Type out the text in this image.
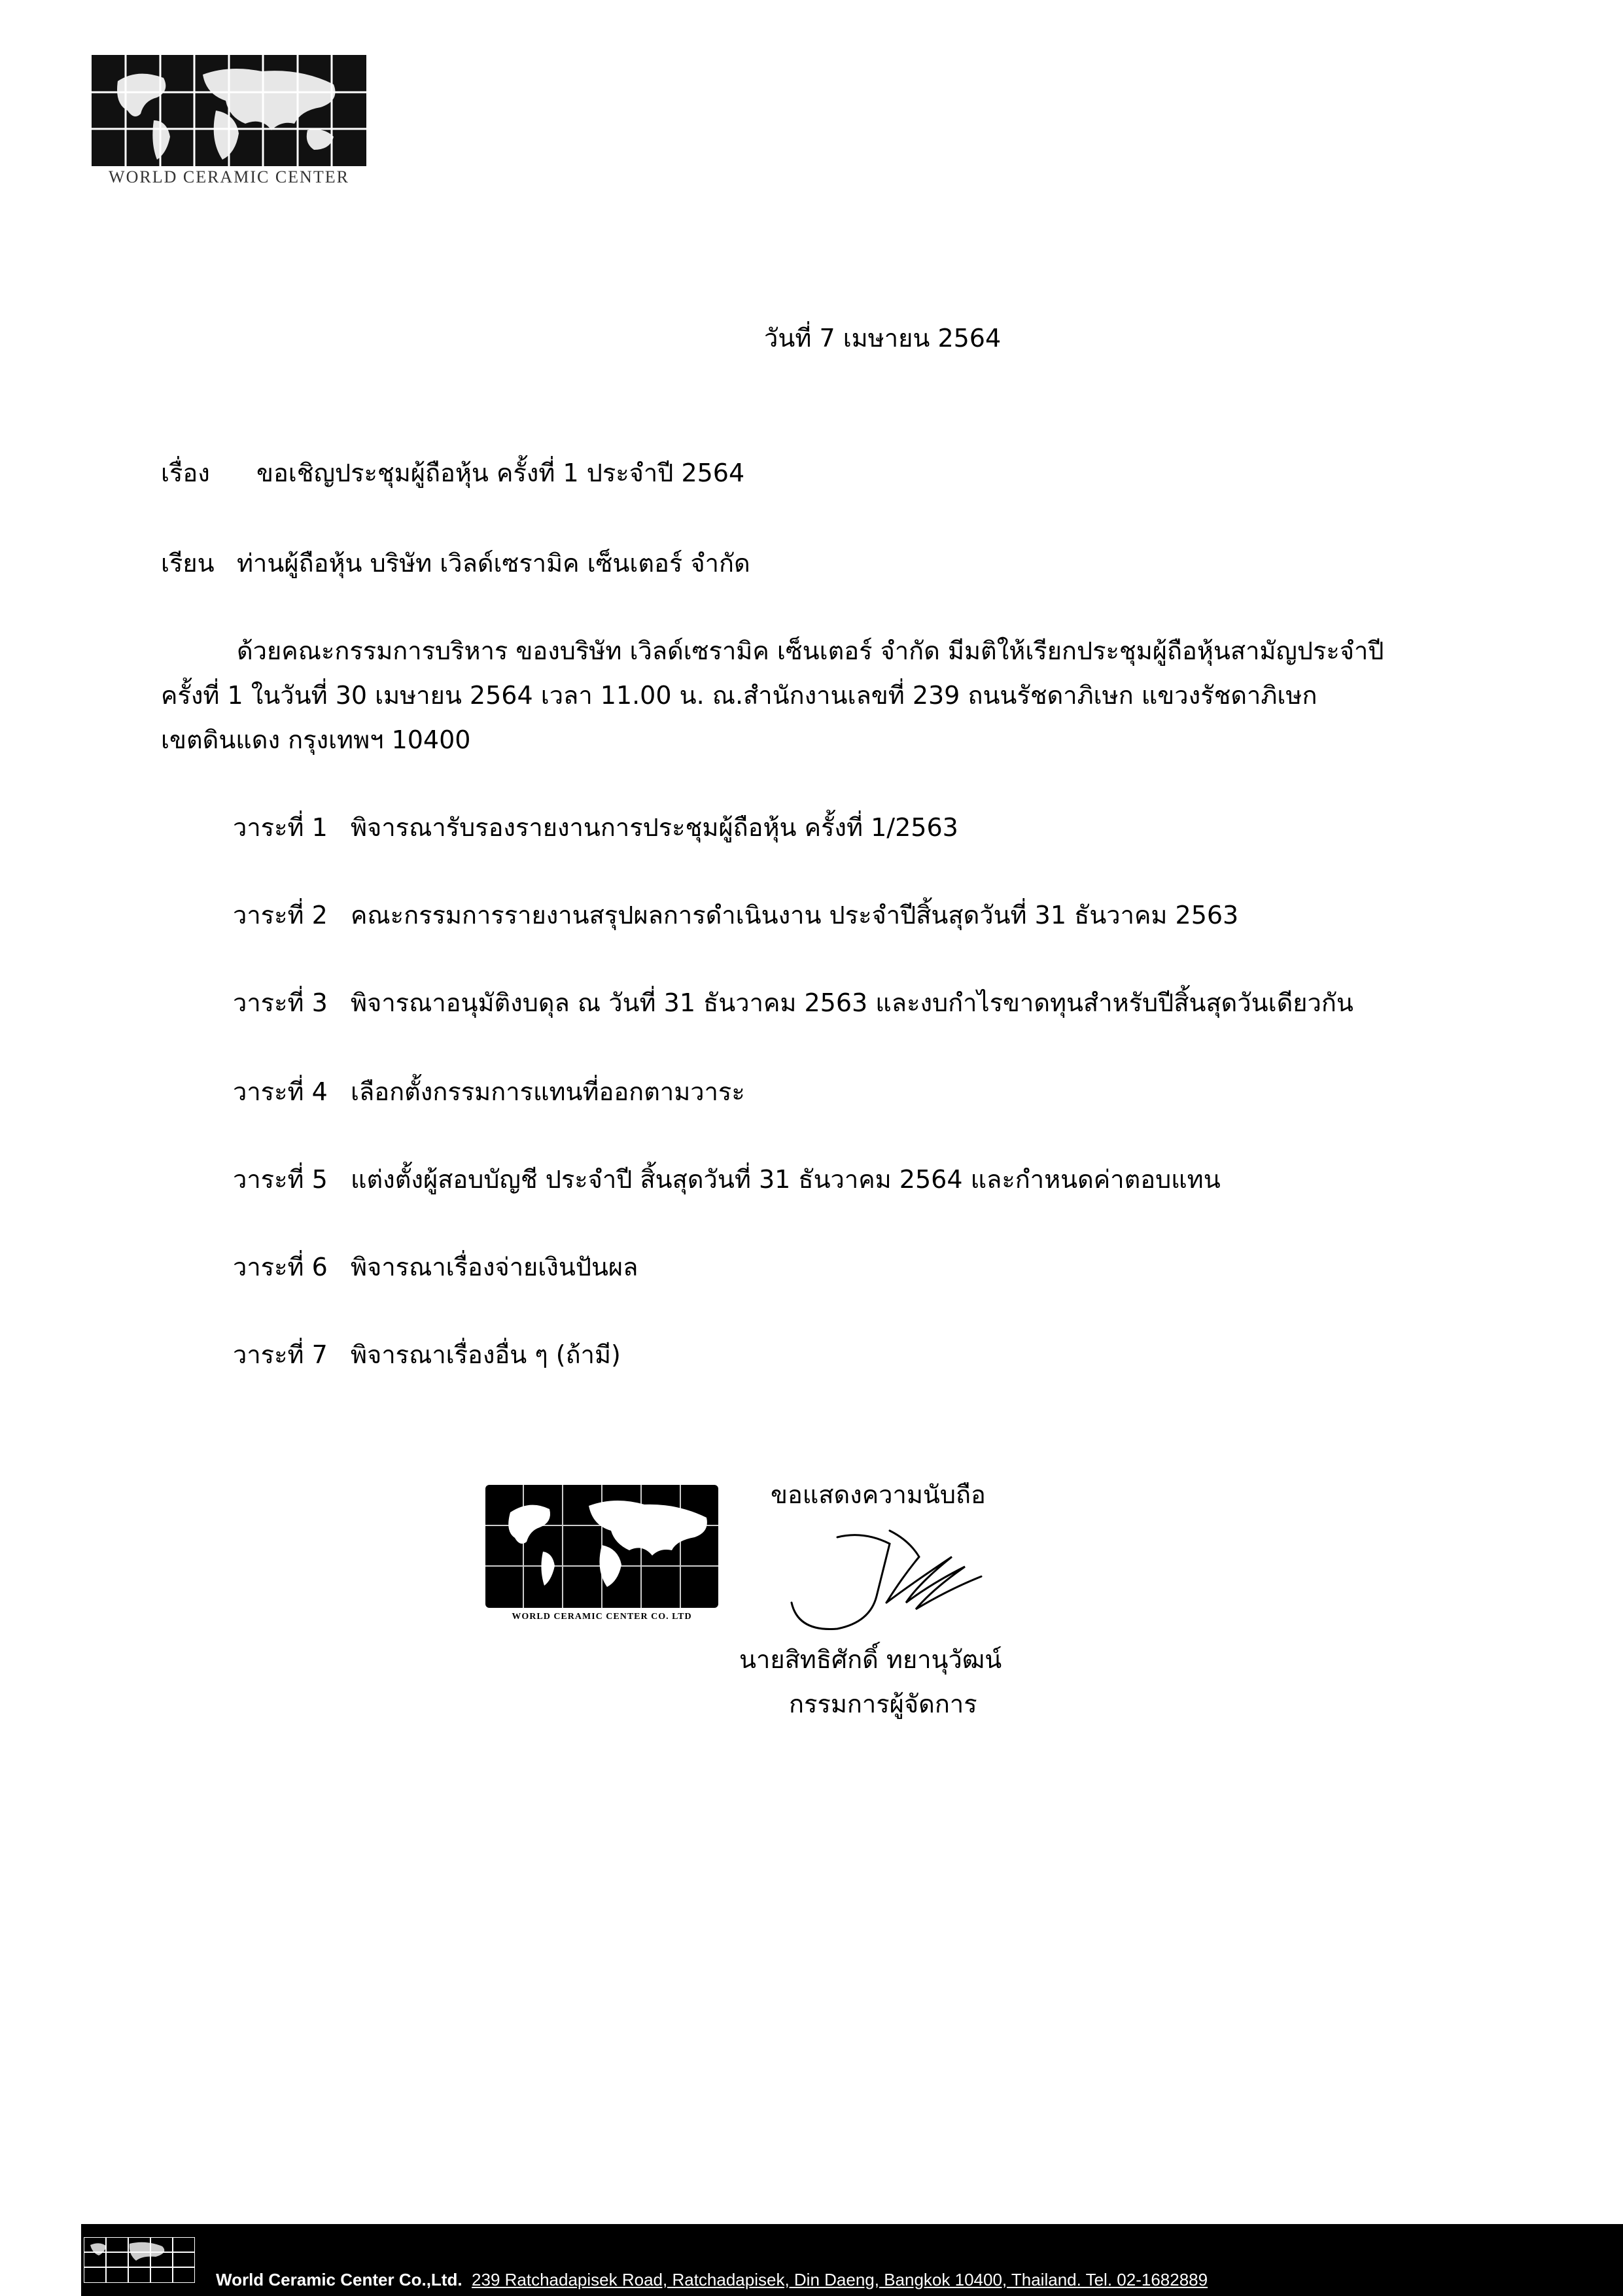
WORLD CERAMIC CENTER
วันที่ 7 เมษายน 2564
เรื่อง ขอเชิญประชุมผู้ถือหุ้น ครั้งที่ 1 ประจำปี 2564
เรียน ท่านผู้ถือหุ้น บริษัท เวิลด์เซรามิค เซ็นเตอร์ จำกัด
ด้วยคณะกรรมการบริหาร ของบริษัท เวิลด์เซรามิค เซ็นเตอร์ จำกัด มีมติให้เรียกประชุมผู้ถือหุ้นสามัญประจำปี
ครั้งที่ 1 ในวันที่ 30 เมษายน 2564 เวลา 11.00 น. ณ.สำนักงานเลขที่ 239 ถนนรัชดาภิเษก แขวงรัชดาภิเษก
เขตดินแดง กรุงเทพฯ 10400
วาระที่ 1 พิจารณารับรองรายงานการประชุมผู้ถือหุ้น ครั้งที่ 1/2563
วาระที่ 2 คณะกรรมการรายงานสรุปผลการดำเนินงาน ประจำปีสิ้นสุดวันที่ 31 ธันวาคม 2563
วาระที่ 3 พิจารณาอนุมัติงบดุล ณ วันที่ 31 ธันวาคม 2563 และงบกำไรขาดทุนสำหรับปีสิ้นสุดวันเดียวกัน
วาระที่ 4 เลือกตั้งกรรมการแทนที่ออกตามวาระ
วาระที่ 5 แต่งตั้งผู้สอบบัญชี ประจำปี สิ้นสุดวันที่ 31 ธันวาคม 2564 และกำหนดค่าตอบแทน
วาระที่ 6 พิจารณาเรื่องจ่ายเงินปันผล
วาระที่ 7 พิจารณาเรื่องอื่น ๆ (ถ้ามี)
WORLD CERAMIC CENTER CO. LTD
ขอแสดงความนับถือ
นายสิทธิศักดิ์ ทยานุวัฒน์
กรรมการผู้จัดการ
World Ceramic Center Co.,Ltd. 239 Ratchadapisek Road, Ratchadapisek, Din Daeng, Bangkok 10400, Thailand. Tel. 02-1682889
